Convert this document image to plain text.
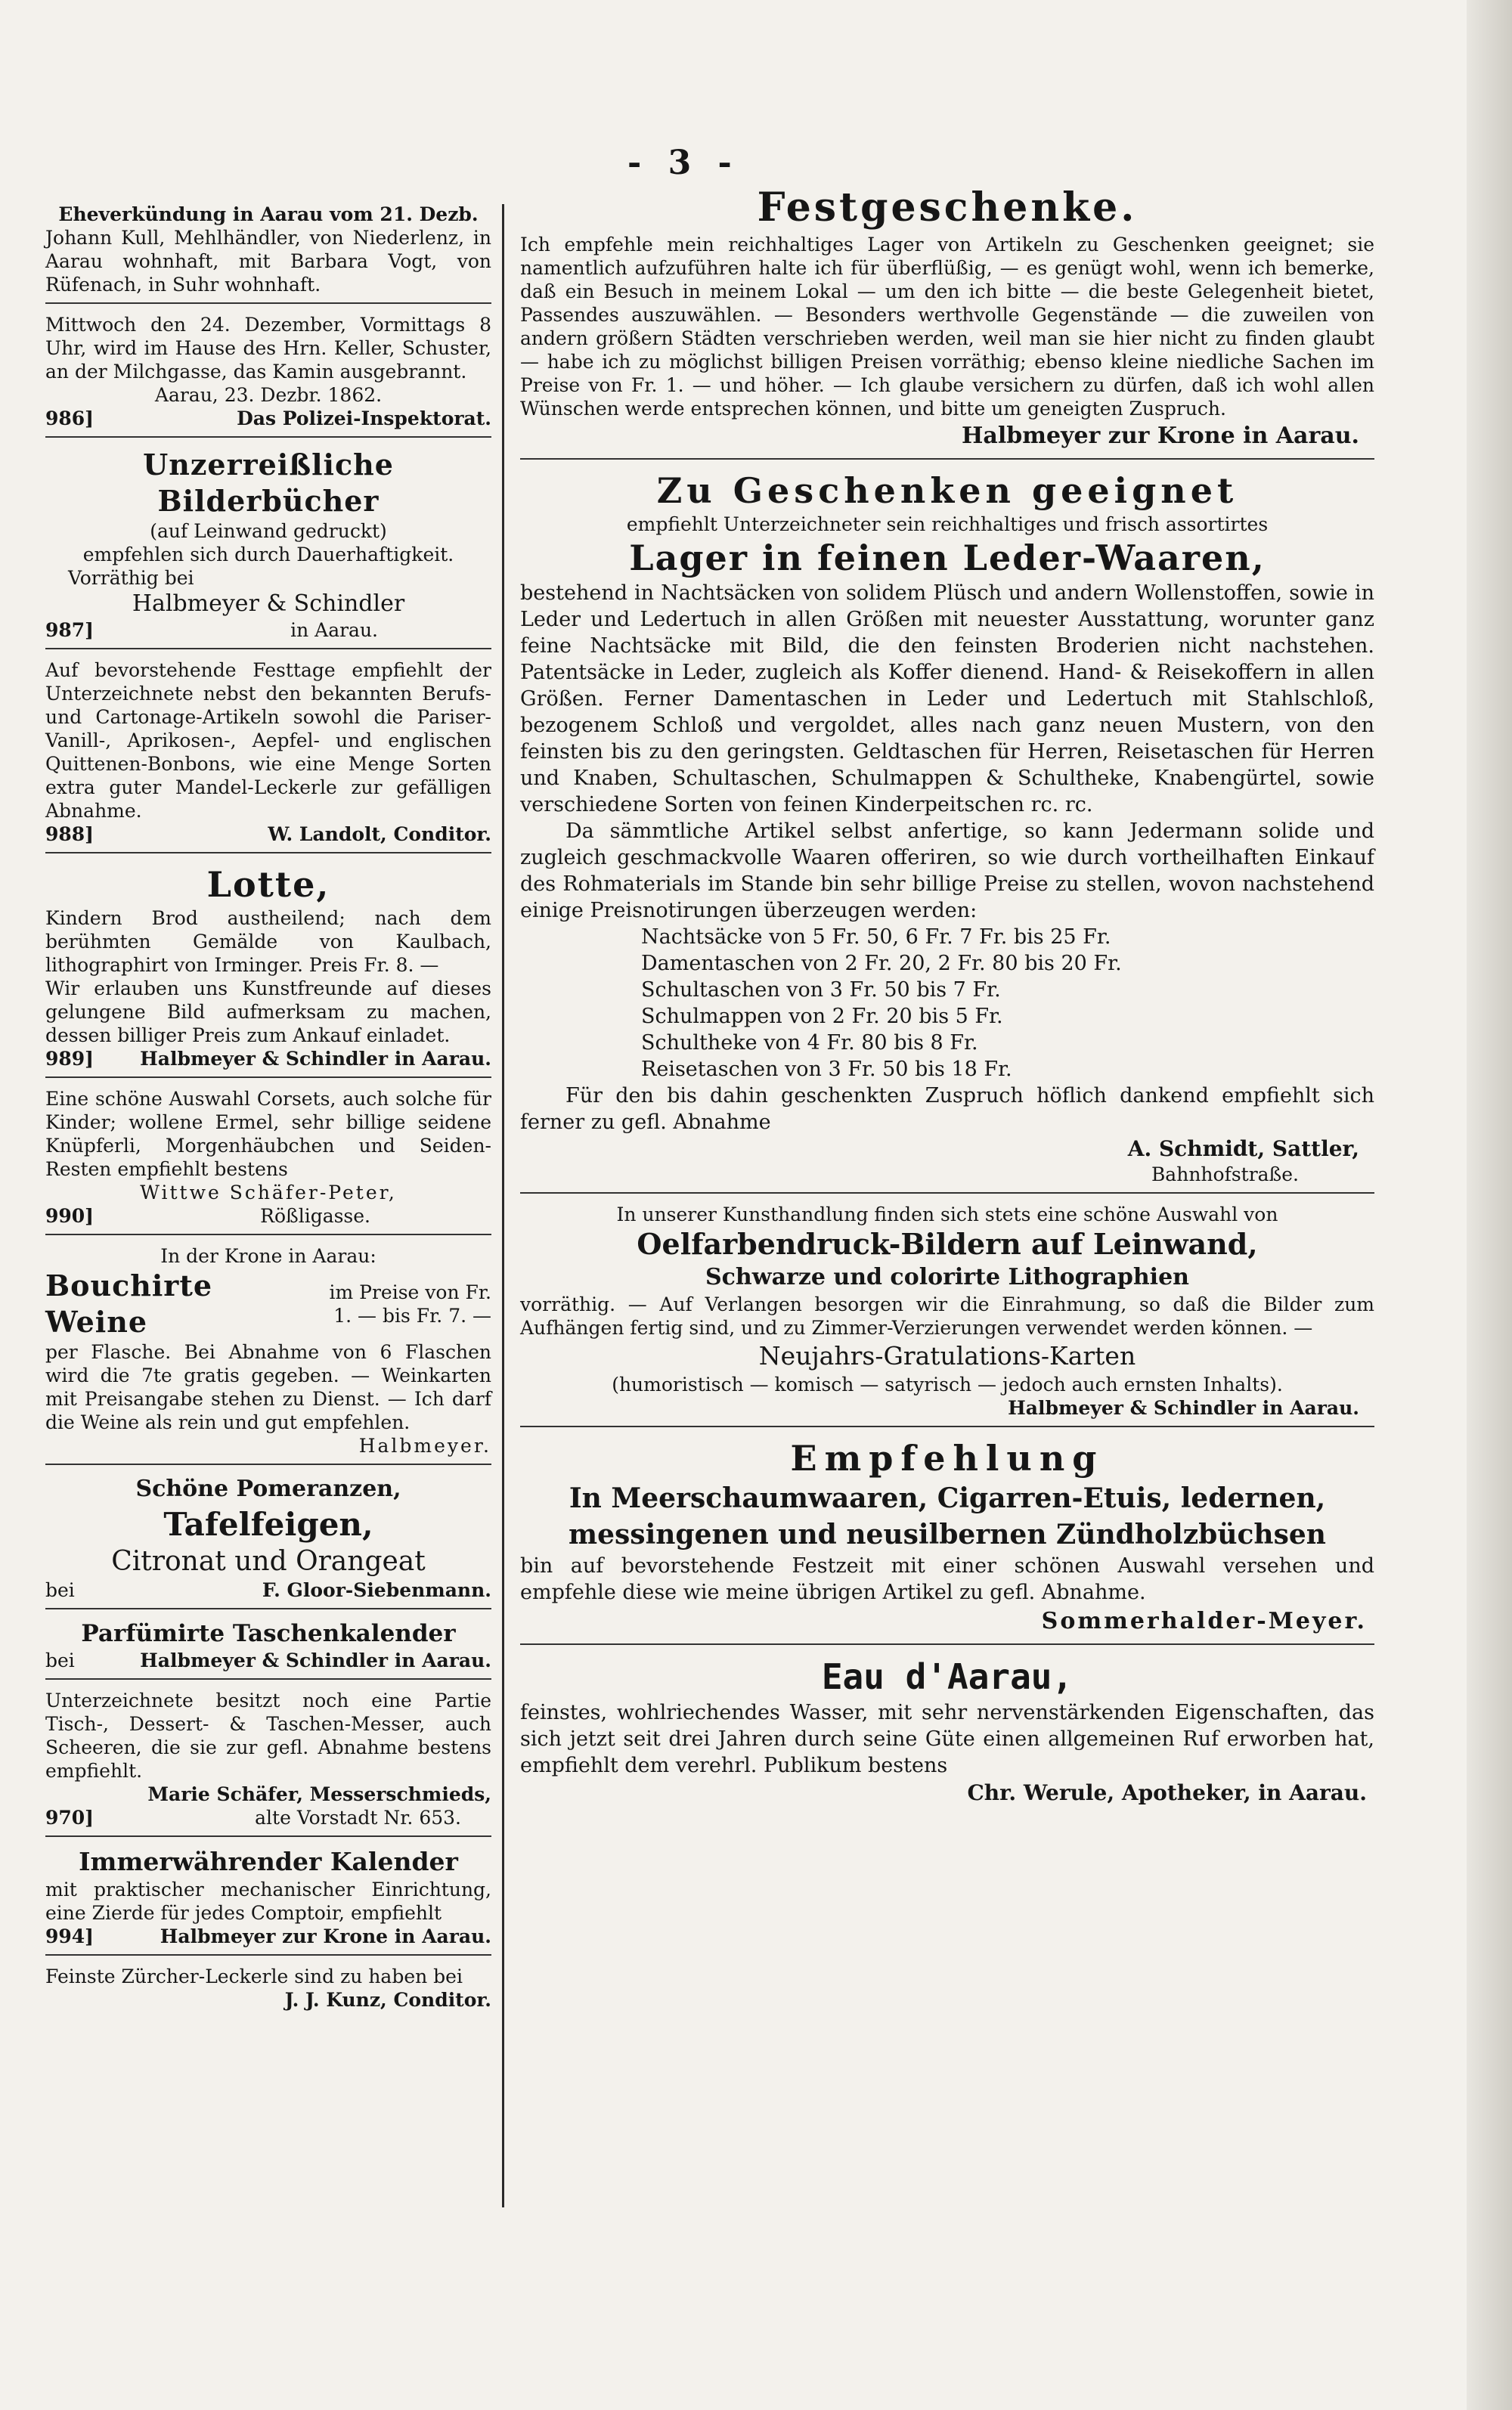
- 3 -

Eheverkündung in Aarau vom 21. Dezb.

Johann Kull, Mehlhändler, von Niederlenz, in Aarau wohnhaft, mit Barbara Vogt, von Rüfenach, in Suhr wohnhaft.

Mittwoch den 24. Dezember, Vormittags 8 Uhr, wird im Hause des Hrn. Keller, Schuster, an der Milchgasse, das Kamin ausgebrannt.

Aarau, 23. Dezbr. 1862.

986]	Das Polizei-Inspektorat.

Unzerreißliche Bilderbücher

(auf Leinwand gedruckt)

empfehlen sich durch Dauerhaftigkeit.

Vorräthig bei

Halbmeyer & Schindler

987]	in Aarau.

Auf bevorstehende Festtage empfiehlt der Unterzeichnete nebst den bekannten Berufs- und Cartonage-Artikeln sowohl die Pariser-Vanill-, Aprikosen-, Aepfel- und englischen Quittenen-Bonbons, wie eine Menge Sorten extra guter Mandel-Leckerle zur gefälligen Abnahme.

988]	W. Landolt, Conditor.

Lotte,

Kindern Brod austheilend; nach dem berühmten Gemälde von Kaulbach, lithographirt von Irminger. Preis Fr. 8. —

Wir erlauben uns Kunstfreunde auf dieses gelungene Bild aufmerksam zu machen, dessen billiger Preis zum Ankauf einladet.

989] Halbmeyer & Schindler in Aarau.

Eine schöne Auswahl Corsets, auch solche für Kinder; wollene Ermel, sehr billige seidene Knüpferli, Morgenhäubchen und Seiden-Resten empfiehlt bestens

Wittwe Schäfer-Peter,

990]	Rößligasse.

In der Krone in Aarau:

Bouchirte Weine
im Preise von Fr. 1. — bis Fr. 7. —

per Flasche. Bei Abnahme von 6 Flaschen wird die 7te gratis gegeben. — Weinkarten mit Preisangabe stehen zu Dienst. — Ich darf die Weine als rein und gut empfehlen.

Halbmeyer.

Schöne Pomeranzen,

Tafelfeigen,

Citronat und Orangeat

bei	F. Gloor-Siebenmann.

Parfümirte Taschenkalender

bei	Halbmeyer & Schindler in Aarau.

Unterzeichnete besitzt noch eine Partie Tisch-, Dessert- & Taschen-Messer, auch Scheeren, die sie zur gefl. Abnahme bestens empfiehlt.

Marie Schäfer, Messerschmieds,

970]	alte Vorstadt Nr. 653.

Immerwährender Kalender

mit praktischer mechanischer Einrichtung, eine Zierde für jedes Comptoir, empfiehlt

994]	Halbmeyer zur Krone in Aarau.

Feinste Zürcher-Leckerle sind zu haben bei

J. J. Kunz, Conditor.

Festgeschenke.

Ich empfehle mein reichhaltiges Lager von Artikeln zu Geschenken geeignet; sie namentlich aufzuführen halte ich für überflüßig, — es genügt wohl, wenn ich bemerke, daß ein Besuch in meinem Lokal — um den ich bitte — die beste Gelegenheit bietet, Passendes auszuwählen. — Besonders werthvolle Gegenstände — die zuweilen von andern größern Städten verschrieben werden, weil man sie hier nicht zu finden glaubt — habe ich zu möglichst billigen Preisen vorräthig; ebenso kleine niedliche Sachen im Preise von Fr. 1. — und höher. — Ich glaube versichern zu dürfen, daß ich wohl allen Wünschen werde entsprechen können, und bitte um geneigten Zuspruch.

Halbmeyer zur Krone in Aarau.

Zu Geschenken geeignet

empfiehlt Unterzeichneter sein reichhaltiges und frisch assortirtes

Lager in feinen Leder-Waaren,

bestehend in Nachtsäcken von solidem Plüsch und andern Wollenstoffen, sowie in Leder und Ledertuch in allen Größen mit neuester Ausstattung, worunter ganz feine Nachtsäcke mit Bild, die den feinsten Broderien nicht nachstehen. Patentsäcke in Leder, zugleich als Koffer dienend. Hand- & Reisekoffern in allen Größen. Ferner Damentaschen in Leder und Ledertuch mit Stahlschloß, bezogenem Schloß und vergoldet, alles nach ganz neuen Mustern, von den feinsten bis zu den geringsten. Geldtaschen für Herren, Reisetaschen für Herren und Knaben, Schultaschen, Schulmappen & Schultheke, Knabengürtel, sowie verschiedene Sorten von feinen Kinderpeitschen rc. rc.

Da sämmtliche Artikel selbst anfertige, so kann Jedermann solide und zugleich geschmackvolle Waaren offeriren, so wie durch vortheilhaften Einkauf des Rohmaterials im Stande bin sehr billige Preise zu stellen, wovon nachstehend einige Preisnotirungen überzeugen werden:

Nachtsäcke von 5 Fr. 50, 6 Fr. 7 Fr. bis 25 Fr.

Damentaschen von 2 Fr. 20, 2 Fr. 80 bis 20 Fr.

Schultaschen von 3 Fr. 50 bis 7 Fr.

Schulmappen von 2 Fr. 20 bis 5 Fr.

Schultheke von 4 Fr. 80 bis 8 Fr.

Reisetaschen von 3 Fr. 50 bis 18 Fr.

Für den bis dahin geschenkten Zuspruch höflich dankend empfiehlt sich ferner zu gefl. Abnahme

A. Schmidt, Sattler,

Bahnhofstraße.

In unserer Kunsthandlung finden sich stets eine schöne Auswahl von

Oelfarbendruck-Bildern auf Leinwand,

Schwarze und colorirte Lithographien

vorräthig. — Auf Verlangen besorgen wir die Einrahmung, so daß die Bilder zum Aufhängen fertig sind, und zu Zimmer-Verzierungen verwendet werden können. —

Neujahrs-Gratulations-Karten

(humoristisch — komisch — satyrisch — jedoch auch ernsten Inhalts).

Halbmeyer & Schindler in Aarau.

Empfehlung

In Meerschaumwaaren, Cigarren-Etuis, ledernen,

messingenen und neusilbernen Zündholzbüchsen

bin auf bevorstehende Festzeit mit einer schönen Auswahl versehen und empfehle diese wie meine übrigen Artikel zu gefl. Abnahme.

Sommerhalder-Meyer.

Eau d'Aarau,

feinstes, wohlriechendes Wasser, mit sehr nervenstärkenden Eigenschaften, das sich jetzt seit drei Jahren durch seine Güte einen allgemeinen Ruf erworben hat, empfiehlt dem verehrl. Publikum bestens

Chr. Werule, Apotheker, in Aarau.
